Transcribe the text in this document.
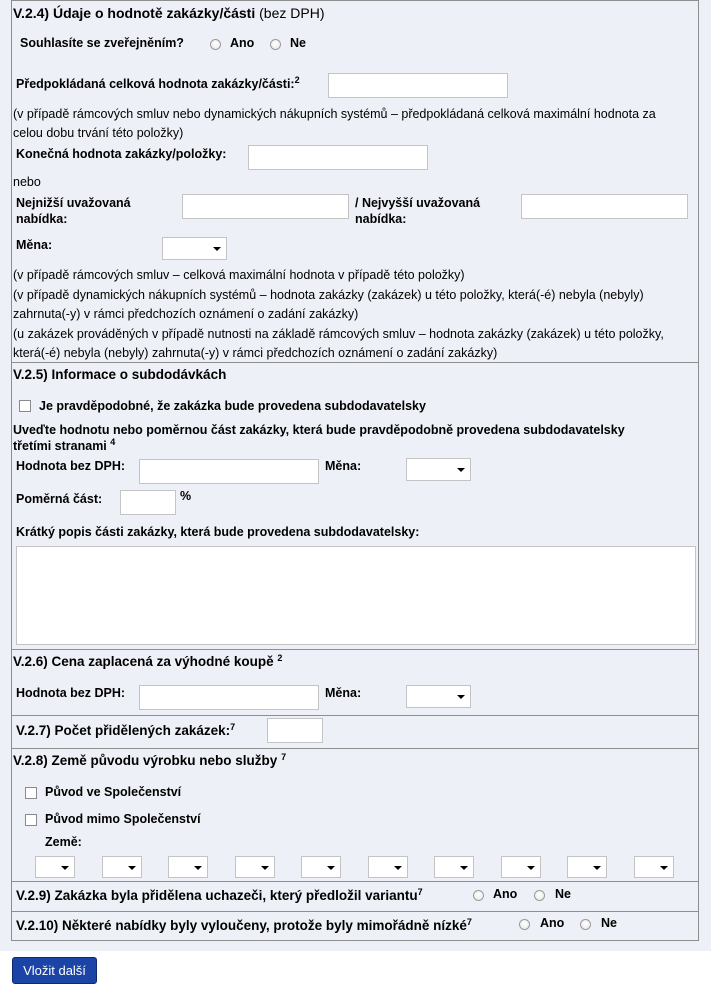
V.2.4) Údaje o hodnotě zakázky/části (bez DPH)
Souhlasíte se zveřejněním?	Ano	Ne
Předpokládaná celková hodnota zakázky/části:$^2$
(v případě rámcových smluv nebo dynamických nákupních systémů – předpokládaná celková maximální hodnota za
celou dobu trvání této položky)
Konečná hodnota zakázky/položky:
nebo
Nejnižší uvažovaná
nabídka:
/ Nejvyšší uvažovaná
nabídka:
Měna:
(v případě rámcových smluv – celková maximální hodnota v případě této položky)
(v případě dynamických nákupních systémů – hodnota zakázky (zakázek) u této položky, která(-é) nebyla (nebyly)
zahrnuta(-y) v rámci předchozích oznámení o zadání zakázky)
(u zakázek prováděných v případě nutnosti na základě rámcových smluv – hodnota zakázky (zakázek) u této položky,
která(-é) nebyla (nebyly) zahrnuta(-y) v rámci předchozích oznámení o zadání zakázky)
V.2.5) Informace o subdodávkách
Je pravděpodobné, že zakázka bude provedena subdodavatelsky
Uveďte hodnotu nebo poměrnou část zakázky, která bude pravděpodobně provedena subdodavatelsky
třetími stranami $^4$
Hodnota bez DPH:	Měna:
Poměrná část:	%
Krátký popis části zakázky, která bude provedena subdodavatelsky:
V.2.6) Cena zaplacená za výhodné koupě $^2$
Hodnota bez DPH:	Měna:
V.2.7) Počet přidělených zakázek:$^7$
V.2.8) Země původu výrobku nebo služby $^7$
Původ ve Společenství
Původ mimo Společenství
Země:
V.2.9) Zakázka byla přidělena uchazeči, který předložil variantu$^7$	Ano	Ne
V.2.10) Některé nabídky byly vyloučeny, protože byly mimořádně nízké$^7$	Ano	Ne
Vložit další
